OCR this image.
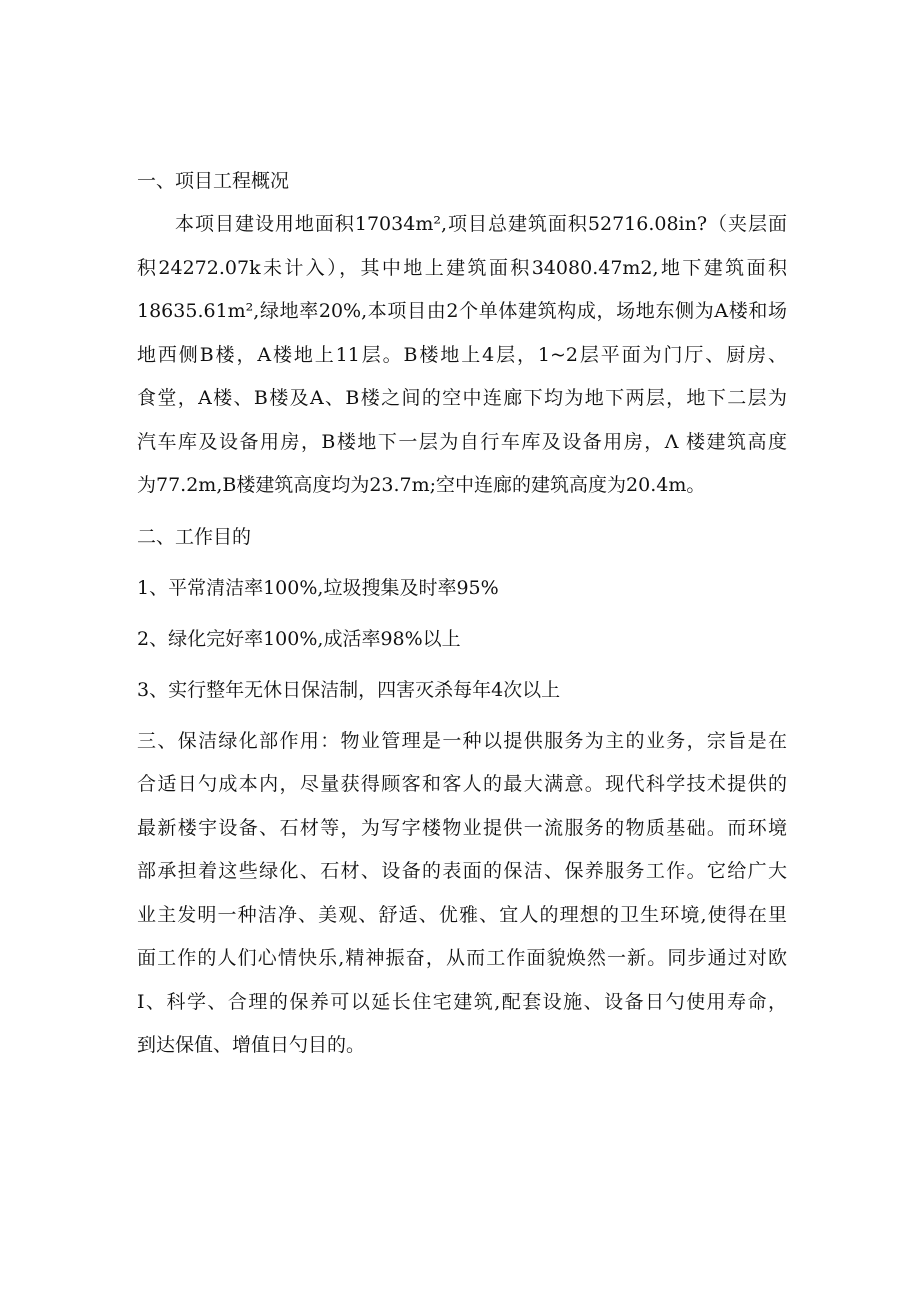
一、项目工程概况
本项目建设用地面积17034m²,项目总建筑面积52716.08in?（夹层面
积24272.07k未计入），其中地上建筑面积34080.47m2,地下建筑面积
18635.61m²,绿地率20%,本项目由2个单体建筑构成，场地东侧为A楼和场
地西侧B楼，A楼地上11层。B楼地上4层，1~2层平面为门厅、厨房、
食堂，A楼、B楼及A、B楼之间的空中连廊下均为地下两层，地下二层为
汽车库及设备用房，B楼地下一层为自行车库及设备用房，Λ 楼建筑高度
为77.2m,B楼建筑高度均为23.7m;空中连廊的建筑高度为20.4m。
二、工作目的
1、平常清洁率100%,垃圾搜集及时率95%
2、绿化完好率100%,成活率98%以上
3、实行整年无休日保洁制，四害灭杀每年4次以上
三、保洁绿化部作用：物业管理是一种以提供服务为主的业务，宗旨是在
合适日勺成本内，尽量获得顾客和客人的最大满意。现代科学技术提供的
最新楼宇设备、石材等，为写字楼物业提供一流服务的物质基础。而环境
部承担着这些绿化、石材、设备的表面的保洁、保养服务工作。它给广大
业主发明一种洁净、美观、舒适、优雅、宜人的理想的卫生环境,使得在里
面工作的人们心情快乐,精神振奋，从而工作面貌焕然一新。同步通过对欧
I、科学、合理的保养可以延长住宅建筑,配套设施、设备日勺使用寿命，
到达保值、增值日勺目的。
